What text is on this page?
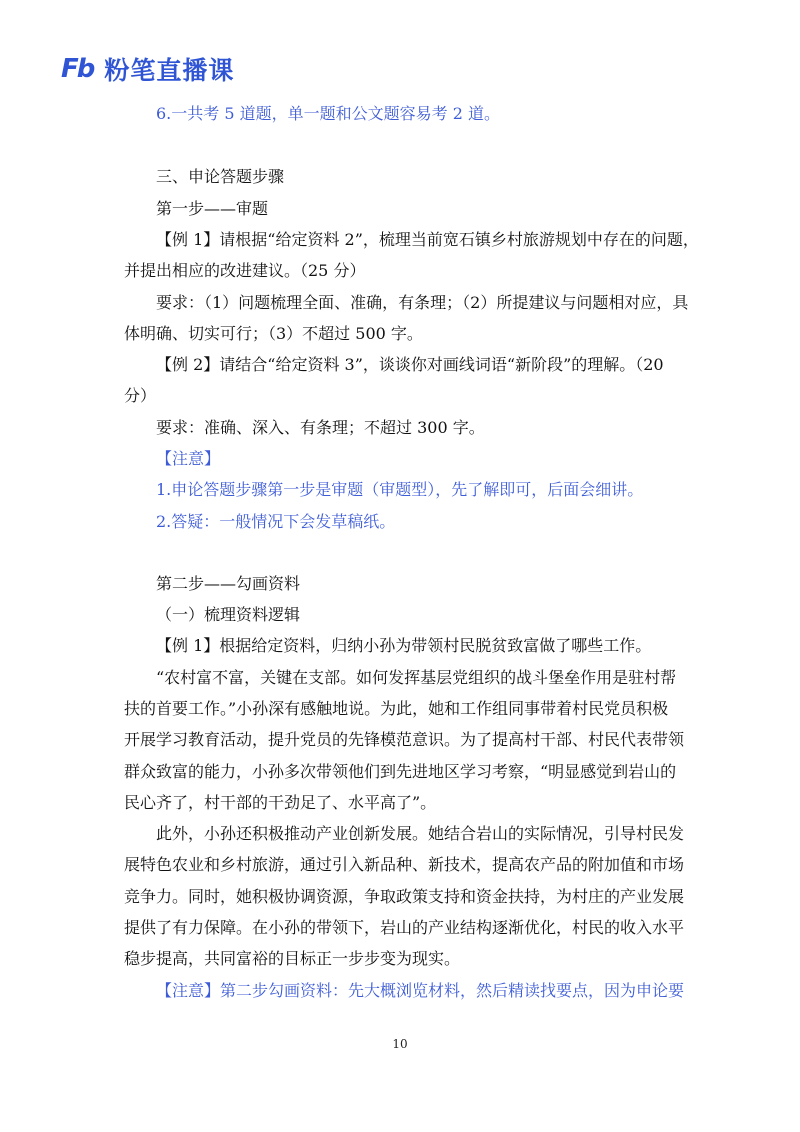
Fb 粉笔直播课
6.一共考 5 道题，单一题和公文题容易考 2 道。
三、申论答题步骤
第一步——审题
【例 1】请根据“给定资料 2”，梳理当前宽石镇乡村旅游规划中存在的问题，
并提出相应的改进建议。（25 分）
要求：（1）问题梳理全面、准确，有条理；（2）所提建议与问题相对应，具
体明确、切实可行；（3）不超过 500 字。
【例 2】请结合“给定资料 3”，谈谈你对画线词语“新阶段”的理解。（20
分）
要求：准确、深入、有条理；不超过 300 字。
【注意】
1.申论答题步骤第一步是审题（审题型），先了解即可，后面会细讲。
2.答疑：一般情况下会发草稿纸。
第二步——勾画资料
（一）梳理资料逻辑
【例 1】根据给定资料，归纳小孙为带领村民脱贫致富做了哪些工作。
“农村富不富，关键在支部。如何发挥基层党组织的战斗堡垒作用是驻村帮
扶的首要工作。”小孙深有感触地说。为此，她和工作组同事带着村民党员积极
开展学习教育活动，提升党员的先锋模范意识。为了提高村干部、村民代表带领
群众致富的能力，小孙多次带领他们到先进地区学习考察，“明显感觉到岩山的
民心齐了，村干部的干劲足了、水平高了”。
此外，小孙还积极推动产业创新发展。她结合岩山的实际情况，引导村民发
展特色农业和乡村旅游，通过引入新品种、新技术，提高农产品的附加值和市场
竞争力。同时，她积极协调资源，争取政策支持和资金扶持，为村庄的产业发展
提供了有力保障。在小孙的带领下，岩山的产业结构逐渐优化，村民的收入水平
稳步提高，共同富裕的目标正一步步变为现实。
【注意】第二步勾画资料：先大概浏览材料，然后精读找要点，因为申论要
10
